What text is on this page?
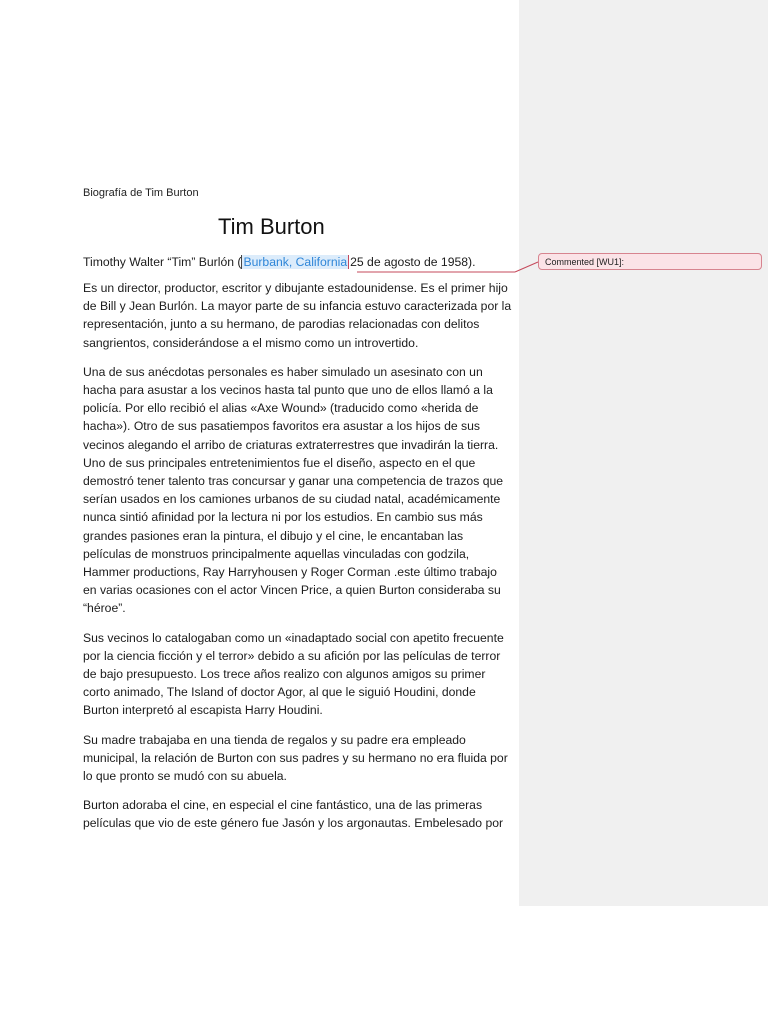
Biografía de Tim Burton
Tim Burton
Timothy Walter “Tim” Burlón ( Burbank, California 25 de agosto de 1958).

Es un director, productor, escritor y dibujante estadounidense. Es el primer hijo de Bill y Jean Burlón. La mayor parte de su infancia estuvo caracterizada por la representación, junto a su hermano, de parodias relacionadas con delitos sangrientos, considerándose a el mismo como un introvertido.

Una de sus anécdotas personales es haber simulado un asesinato con un hacha para asustar a los vecinos hasta tal punto que uno de ellos llamó a la policía. Por ello recibió el alias «Axe Wound» (traducido como «herida de hacha»). Otro de sus pasatiempos favoritos era asustar a los hijos de sus vecinos alegando el arribo de criaturas extraterrestres que invadirán la tierra. Uno de sus principales entretenimientos fue el diseño, aspecto en el que demostró tener talento tras concursar y ganar una competencia de trazos que serían usados en los camiones urbanos de su ciudad natal, académicamente nunca sintió afinidad por la lectura ni por los estudios. En cambio sus más grandes pasiones eran la pintura, el dibujo y el cine, le encantaban las películas de monstruos principalmente aquellas vinculadas con godzila, Hammer productions, Ray Harryhousen y Roger Corman .este último trabajo en varias ocasiones con el actor Vincen Price, a quien Burton consideraba su “héroe”.

Sus vecinos lo catalogaban como un «inadaptado social con apetito frecuente por la ciencia ficción y el terror» debido a su afición por las películas de terror de bajo presupuesto. Los trece años realizo con algunos amigos su primer corto animado, The Island of doctor Agor, al que le siguió Houdini, donde Burton interpretó al escapista Harry Houdini.

Su madre trabajaba en una tienda de regalos y su padre era empleado municipal, la relación de Burton con sus padres y su hermano no era fluida por lo que pronto se mudó con su abuela.

Burton adoraba el cine, en especial el cine fantástico, una de las primeras películas que vio de este género fue Jasón y los argonautas. Embelesado por

Commented [WU1]:
